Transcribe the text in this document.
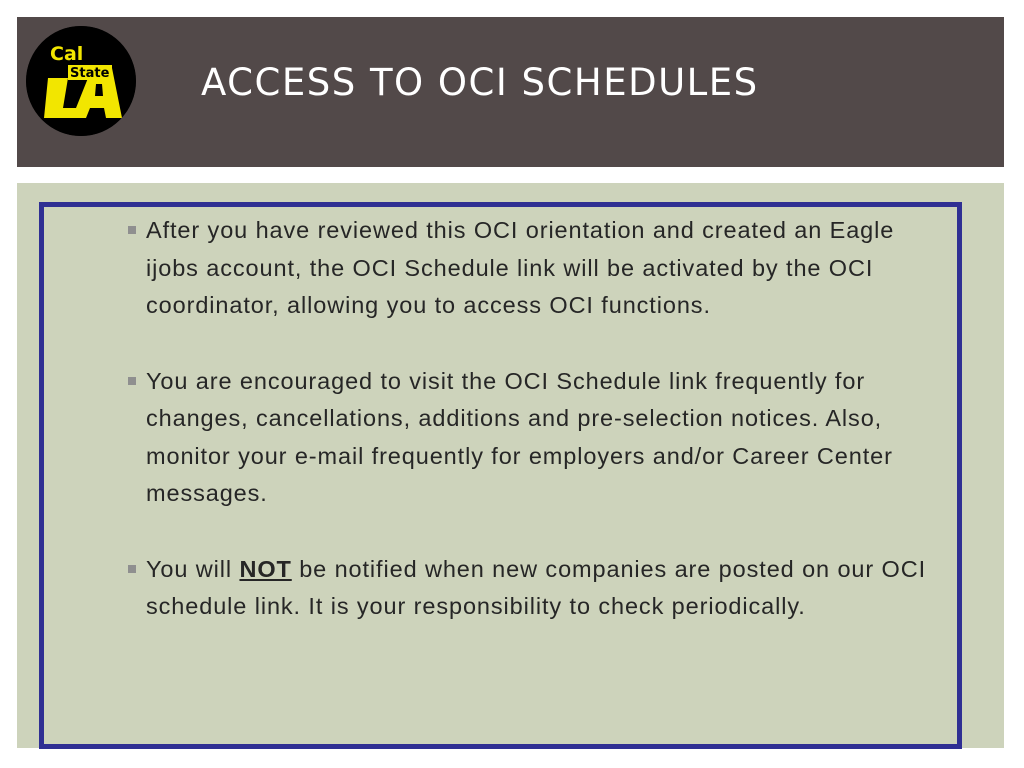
Cal
State ACCESS TO OCI SCHEDULES
After you have reviewed this OCI orientation and created an Eagle ijobs account, the OCI Schedule link will be activated by the OCI coordinator, allowing you to access OCI functions.
You are encouraged to visit the OCI Schedule link frequently for changes, cancellations, additions and pre-selection notices. Also, monitor your e-mail frequently for employers and/or Career Center messages.
You will NOT be notified when new companies are posted on our OCI schedule link. It is your responsibility to check periodically.
